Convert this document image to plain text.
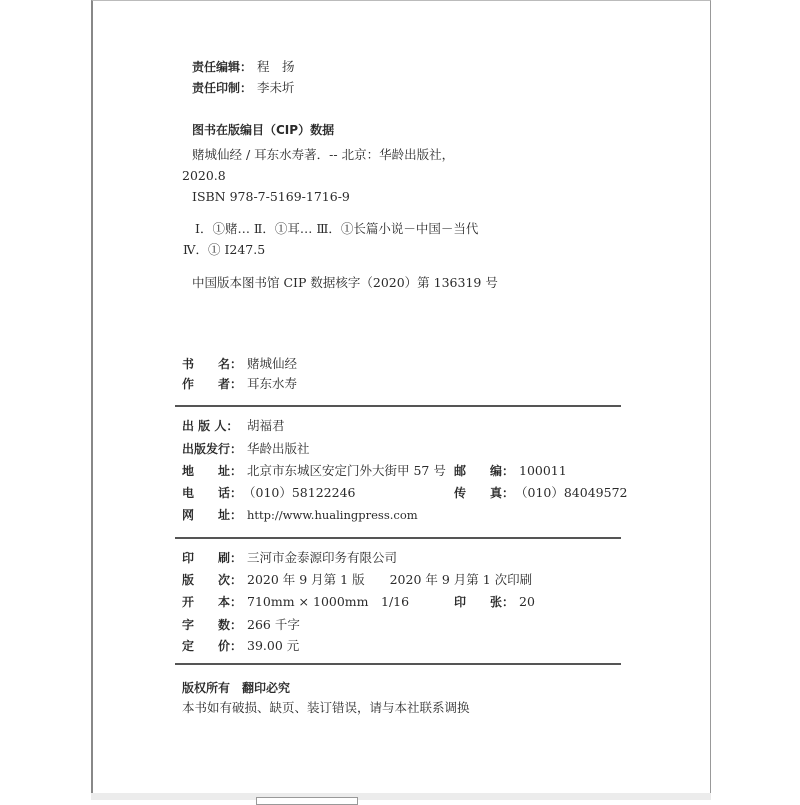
责任编辑： 程　扬
责任印制： 李未圻
图书在版编目（CIP）数据
赌城仙经 / 耳东水寿著．-- 北京：华龄出版社，
2020.8
ISBN 978-7-5169-1716-9
Ⅰ．①赌… Ⅱ．①耳… Ⅲ．①长篇小说－中国－当代
Ⅳ．① I247.5
中国版本图书馆 CIP 数据核字（2020）第 136319 号
书　　名： 赌城仙经
作　　者： 耳东水寿
出 版 人： 胡福君
出版发行： 华龄出版社
地　　址： 北京市东城区安定门外大街甲 57 号 邮　　编： 100011
电　　话： （010）58122246	传　　真： （010）84049572
网　　址： http://www.hualingpress.com
印　　刷： 三河市金泰源印务有限公司
版　　次： 2020 年 9 月第 1 版　　2020 年 9 月第 1 次印刷
开　　本： 710mm × 1000mm　1/16	印　　张： 20
字　　数： 266 千字
定　　价： 39.00 元
版权所有　翻印必究
本书如有破损、缺页、装订错误，请与本社联系调换
